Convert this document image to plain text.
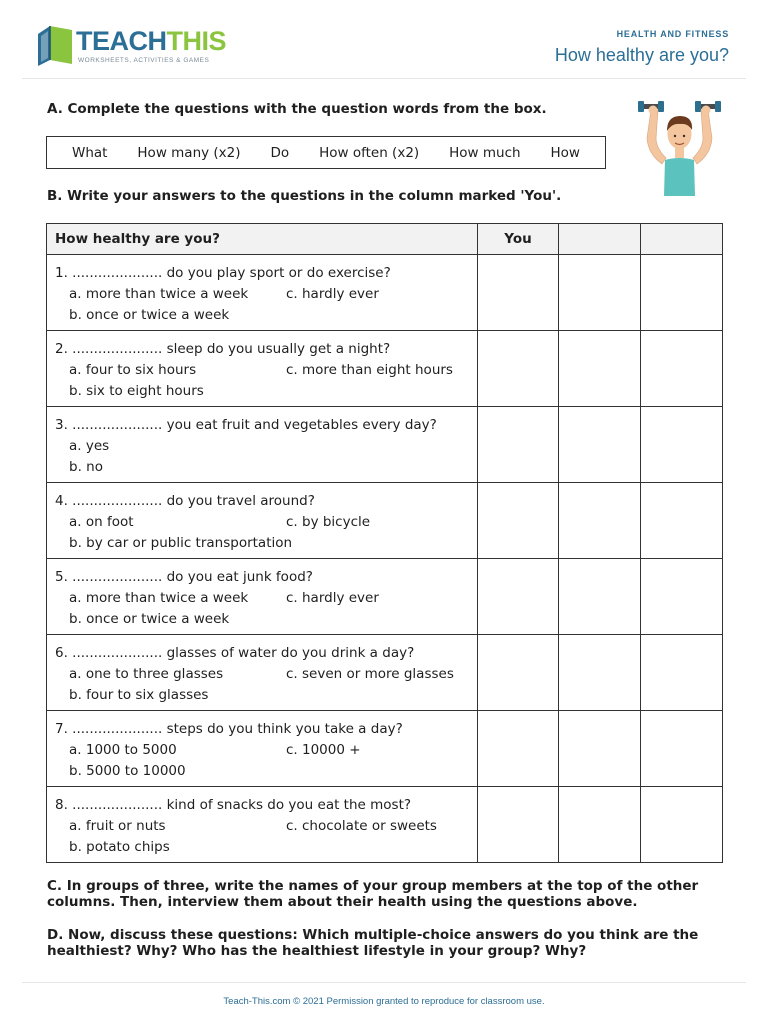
TEACHTHIS
WORKSHEETS, ACTIVITIES & GAMES
HEALTH AND FITNESS
How healthy are you?
A. Complete the questions with the question words from the box.
What How many (x2) Do How often (x2) How much How
B. Write your answers to the questions in the column marked 'You'.
How healthy are you?	You		

1. ..................... do you play sport or do exercise?
a. more than twice a week c. hardly ever
b. once or twice a week			

2. ..................... sleep do you usually get a night?
a. four to six hours c. more than eight hours
b. six to eight hours			

3. ..................... you eat fruit and vegetables every day?
a. yes
b. no			

4. ..................... do you travel around?
a. on foot c. by bicycle
b. by car or public transportation			

5. ..................... do you eat junk food?
a. more than twice a week c. hardly ever
b. once or twice a week			

6. ..................... glasses of water do you drink a day?
a. one to three glasses c. seven or more glasses
b. four to six glasses			

7. ..................... steps do you think you take a day?
a. 1000 to 5000 c. 10000 +
b. 5000 to 10000			

8. ..................... kind of snacks do you eat the most?
a. fruit or nuts c. chocolate or sweets
b. potato chips			

C. In groups of three, write the names of your group members at the top of the other columns. Then, interview them about their health using the questions above.
D. Now, discuss these questions: Which multiple-choice answers do you think are the healthiest? Why? Who has the healthiest lifestyle in your group? Why?
Teach-This.com © 2021 Permission granted to reproduce for classroom use.
